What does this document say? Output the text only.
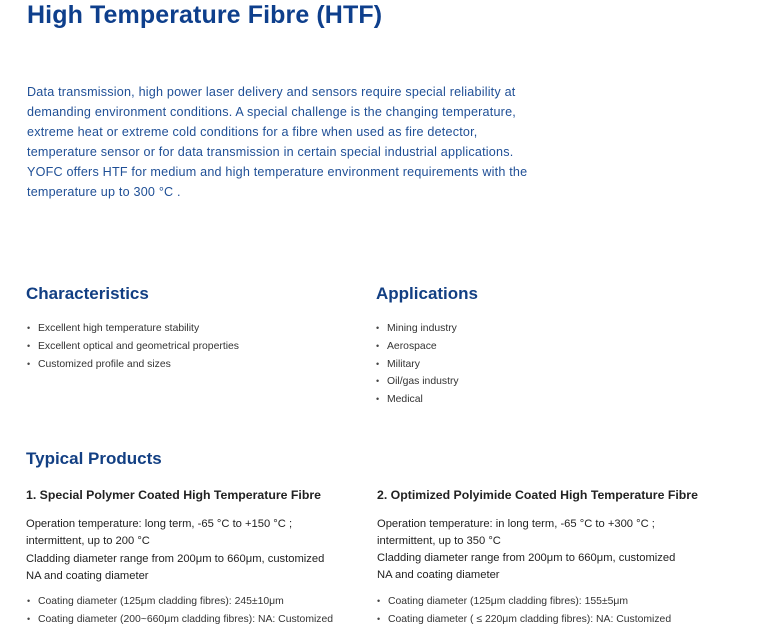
High Temperature Fibre (HTF)

Data transmission, high power laser delivery and sensors require special reliability at demanding environment conditions. A special challenge is the changing temperature, extreme heat or extreme cold conditions for a fibre when used as fire detector, temperature sensor or for data transmission in certain special industrial applications. YOFC offers HTF for medium and high temperature environment requirements with the temperature up to 300 °C .

Characteristics
• Excellent high temperature stability
• Excellent optical and geometrical properties
• Customized profile and sizes
Applications
• Mining industry
• Aerospace
• Military
• Oil/gas industry
• Medical
Typical Products
1. Special Polymer Coated High Temperature Fibre

Operation temperature: long term, -65 °C to +150 °C ; intermittent, up to 200 °C

Cladding diameter range from 200μm to 660μm, customized NA and coating diameter

• Coating diameter (125μm cladding fibres): 245±10μm
• Coating diameter (200~660μm cladding fibres): NA: Customized
2. Optimized Polyimide Coated High Temperature Fibre

Operation temperature: in long term, -65 °C to +300 °C ; intermittent, up to 350 °C

Cladding diameter range from 200μm to 660μm, customized NA and coating diameter

• Coating diameter (125μm cladding fibres): 155±5μm
• Coating diameter ( ≤ 220μm cladding fibres): NA: Customized
